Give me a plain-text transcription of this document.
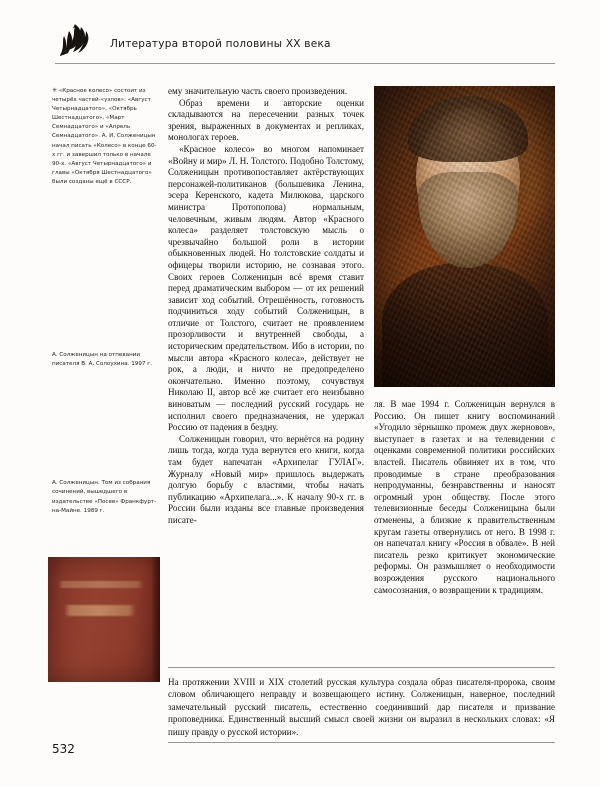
Литература второй половины XX века
✳ «Красное колесо» состоит из четырёх частей-«узлов»: «Август Четырнадцатого», «Октябрь Шестнадцатого», «Март Семнадцатого» и «Апрель Семнадцатого». А. И. Солженицын начал писать «Колесо» в конце 60-х гг. и завершил только в начале 90-х. «Август Четырнадцатого» и главы «Октября Шестнадцатого» были созданы ещё в СССР.
А. Солженицын на отпевании писателя В. А. Солоухина. 1997 г.
А. Солженицын. Том из собрания сочинений, вышедшего в издательстве «Посев» Франкфурт-на-Майне. 1989 г.

ему значительную часть своего произведения.

Образ времени и авторские оценки складываются на пересечении разных точек зрения, выраженных в документах и репликах, монологах героев.

«Красное колесо» во многом напоминает «Войну и мир» Л. Н. Толстого. Подобно Толстому, Солженицын противопоставляет актёрствующих персонажей-политиканов (большевика Ленина, эсера Керенского, кадета Милюкова, царского министра Протопопова) нормальным, человечным, живым людям. Автор «Красного колеса» разделяет толстовскую мысль о чрезвычайно большой роли в истории обыкновенных людей. Но толстовские солдаты и офицеры творили историю, не сознавая этого. Своих героев Солженицын всё время ставит перед драматическим выбором — от их решений зависит ход событий. Отрешённость, готовность подчиниться ходу событий Солженицын, в отличие от Толстого, считает не проявлением прозорливости и внутренней свободы, а историческим предательством. Ибо в истории, по мысли автора «Красного колеса», действует не рок, а люди, и ничто не предопределено окончательно. Именно поэтому, сочувствуя Николаю II, автор всё же считает его неизбывно виноватым — последний русский государь не исполнил своего предназначения, не удержал Россию от падения в бездну.

Солженицын говорил, что вернётся на родину лишь тогда, когда туда вернутся его книги, когда там будет напечатан «Архипелаг ГУЛАГ». Журналу «Новый мир» пришлось выдержать долгую борьбу с властями, чтобы начать публикацию «Архипелага...». К началу 90-х гг. в России были изданы все главные произведения писате-

ля. В мае 1994 г. Солженицын вернулся в Россию. Он пишет книгу воспоминаний «Угодило зёрнышко промеж двух жерновов», выступает в газетах и на телевидении с оценками современной политики российских властей. Писатель обвиняет их в том, что проводимые в стране преобразования непродуманны, безнравственны и наносят огромный урон обществу. После этого телевизионные беседы Солженицына были отменены, а близкие к правительственным кругам газеты отвернулись от него. В 1998 г. он напечатал книгу «Россия в обвале». В ней писатель резко критикует экономические реформы. Он размышляет о необходимости возрождения русского национального самосознания, о возвращении к традициям.

На протяжении XVIII и XIX столетий русская культура создала образ писателя-пророка, своим словом обличающего неправду и возвещающего истину. Солженицын, наверное, последний замечательный русский писатель, естественно соединивший дар писателя и призвание проповедника. Единственный высший смысл своей жизни он выразил в нескольких словах: «Я пишу правду о русской истории».

532
